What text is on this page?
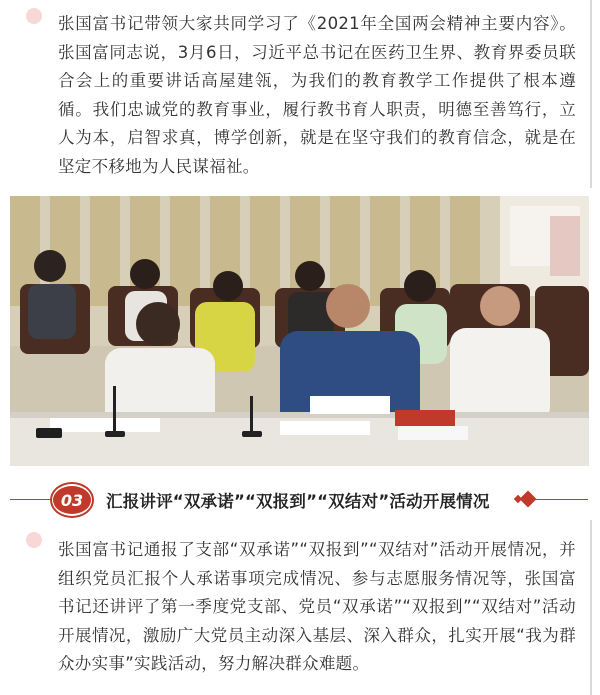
张国富书记带领大家共同学习了《2021年全国两会精神主要内容》。张国富同志说，3月6日，习近平总书记在医药卫生界、教育界委员联合会上的重要讲话高屋建瓴，为我们的教育教学工作提供了根本遵循。我们忠诚党的教育事业，履行教书育人职责，明德至善笃行，立人为本，启智求真，博学创新，就是在坚守我们的教育信念，就是在坚定不移地为人民谋福祉。

03	汇报讲评“双承诺”“双报到”“双结对”活动开展情况

张国富书记通报了支部“双承诺”“双报到”“双结对”活动开展情况，并组织党员汇报个人承诺事项完成情况、参与志愿服务情况等，张国富书记还讲评了第一季度党支部、党员“双承诺”“双报到”“双结对”活动开展情况，激励广大党员主动深入基层、深入群众，扎实开展“我为群众办实事”实践活动，努力解决群众难题。
